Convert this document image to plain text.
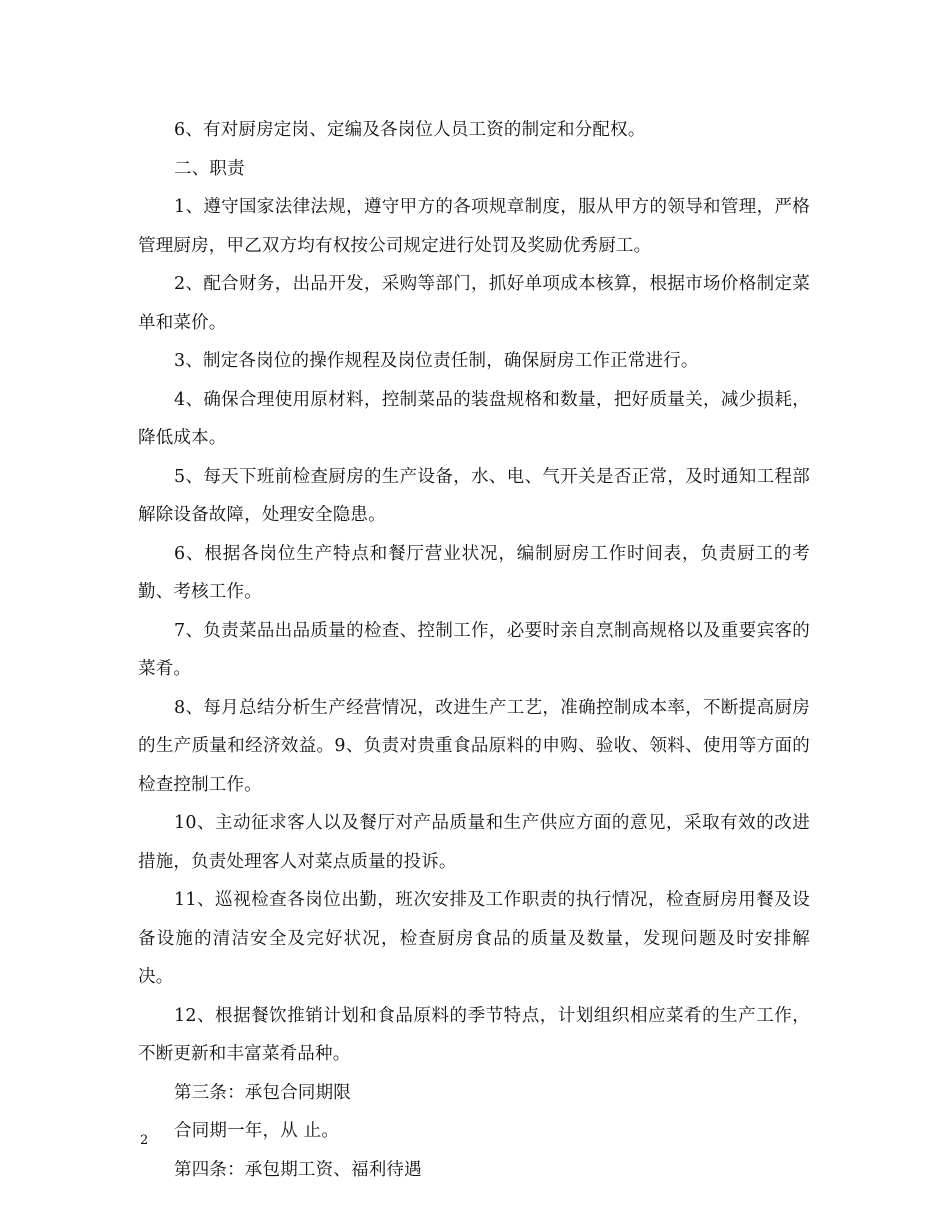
6、有对厨房定岗、定编及各岗位人员工资的制定和分配权。

二、职责

1、遵守国家法律法规，遵守甲方的各项规章制度，服从甲方的领导和管理，严格管理厨房，甲乙双方均有权按公司规定进行处罚及奖励优秀厨工。

2、配合财务，出品开发，采购等部门，抓好单项成本核算，根据市场价格制定菜单和菜价。

3、制定各岗位的操作规程及岗位责任制，确保厨房工作正常进行。

4、确保合理使用原材料，控制菜品的装盘规格和数量，把好质量关，减少损耗，降低成本。

5、每天下班前检查厨房的生产设备，水、电、气开关是否正常，及时通知工程部解除设备故障，处理安全隐患。

6、根据各岗位生产特点和餐厅营业状况，编制厨房工作时间表，负责厨工的考勤、考核工作。

7、负责菜品出品质量的检查、控制工作，必要时亲自烹制高规格以及重要宾客的菜肴。

8、每月总结分析生产经营情况，改进生产工艺，准确控制成本率，不断提高厨房的生产质量和经济效益。9、负责对贵重食品原料的申购、验收、领料、使用等方面的检查控制工作。

10、主动征求客人以及餐厅对产品质量和生产供应方面的意见，采取有效的改进措施，负责处理客人对菜点质量的投诉。

11、巡视检查各岗位出勤，班次安排及工作职责的执行情况，检查厨房用餐及设备设施的清洁安全及完好状况，检查厨房食品的质量及数量，发现问题及时安排解决。

12、根据餐饮推销计划和食品原料的季节特点，计划组织相应菜肴的生产工作，不断更新和丰富菜肴品种。

第三条：承包合同期限

合同期一年，从 止。

第四条：承包期工资、福利待遇

2
